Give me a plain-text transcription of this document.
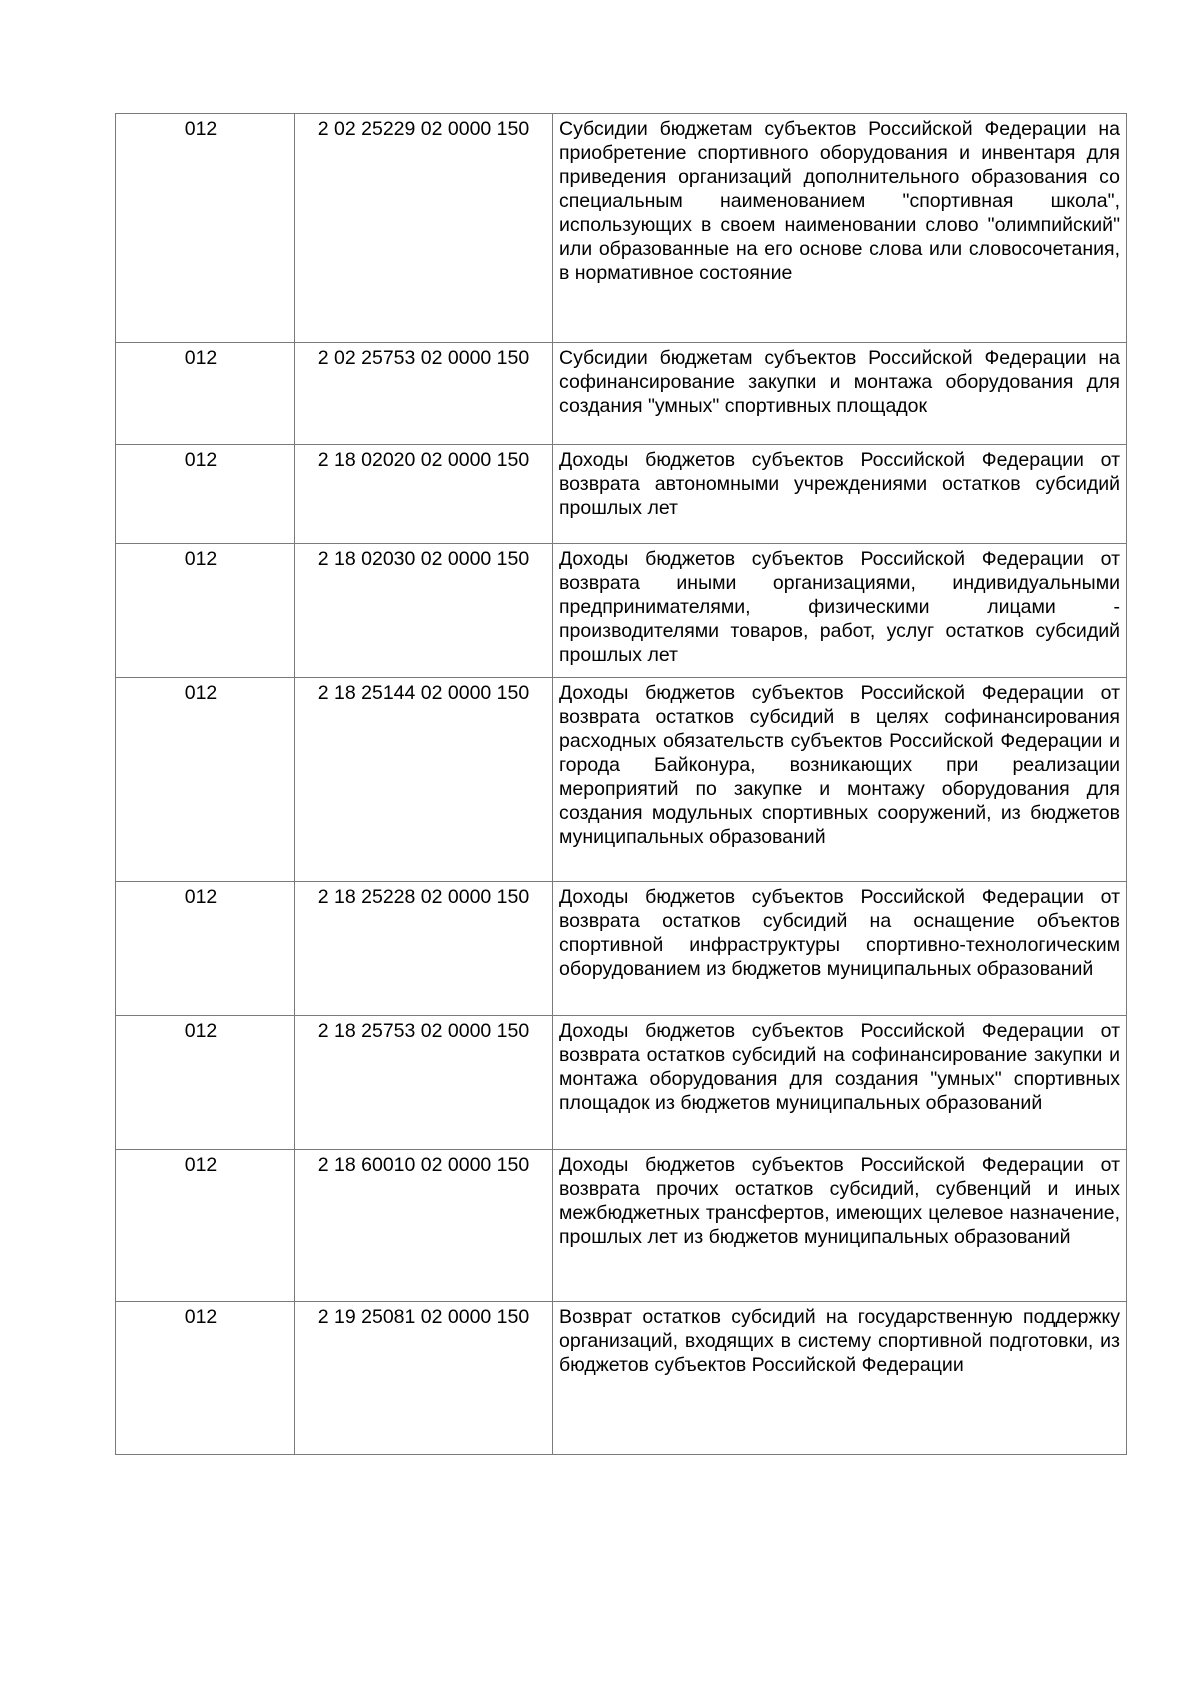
012	2 02 25229 02 0000 150	Субсидии бюджетам субъектов Российской Федерации на приобретение спортивного оборудования и инвентаря для приведения организаций дополнительного образования со специальным наименованием "спортивная школа", использующих в своем наименовании слово "олимпийский" или образованные на его основе слова или словосочетания, в нормативное состояние
012	2 02 25753 02 0000 150	Субсидии бюджетам субъектов Российской Федерации на софинансирование закупки и монтажа оборудования для создания "умных" спортивных площадок
012	2 18 02020 02 0000 150	Доходы бюджетов субъектов Российской Федерации от возврата автономными учреждениями остатков субсидий прошлых лет
012	2 18 02030 02 0000 150	Доходы бюджетов субъектов Российской Федерации от возврата иными организациями, индивидуальными предпринимателями, физическими лицами - производителями товаров, работ, услуг остатков субсидий прошлых лет
012	2 18 25144 02 0000 150	Доходы бюджетов субъектов Российской Федерации от возврата остатков субсидий в целях софинансирования расходных обязательств субъектов Российской Федерации и города Байконура, возникающих при реализации мероприятий по закупке и монтажу оборудования для создания модульных спортивных сооружений, из бюджетов муниципальных образований
012	2 18 25228 02 0000 150	Доходы бюджетов субъектов Российской Федерации от возврата остатков субсидий на оснащение объектов спортивной инфраструктуры спортивно-технологическим оборудованием из бюджетов муниципальных образований
012	2 18 25753 02 0000 150	Доходы бюджетов субъектов Российской Федерации от возврата остатков субсидий на софинансирование закупки и монтажа оборудования для создания "умных" спортивных площадок из бюджетов муниципальных образований
012	2 18 60010 02 0000 150	Доходы бюджетов субъектов Российской Федерации от возврата прочих остатков субсидий, субвенций и иных межбюджетных трансфертов, имеющих целевое назначение, прошлых лет из бюджетов муниципальных образований
012	2 19 25081 02 0000 150	Возврат остатков субсидий на государственную поддержку организаций, входящих в систему спортивной подготовки, из бюджетов субъектов Российской Федерации
